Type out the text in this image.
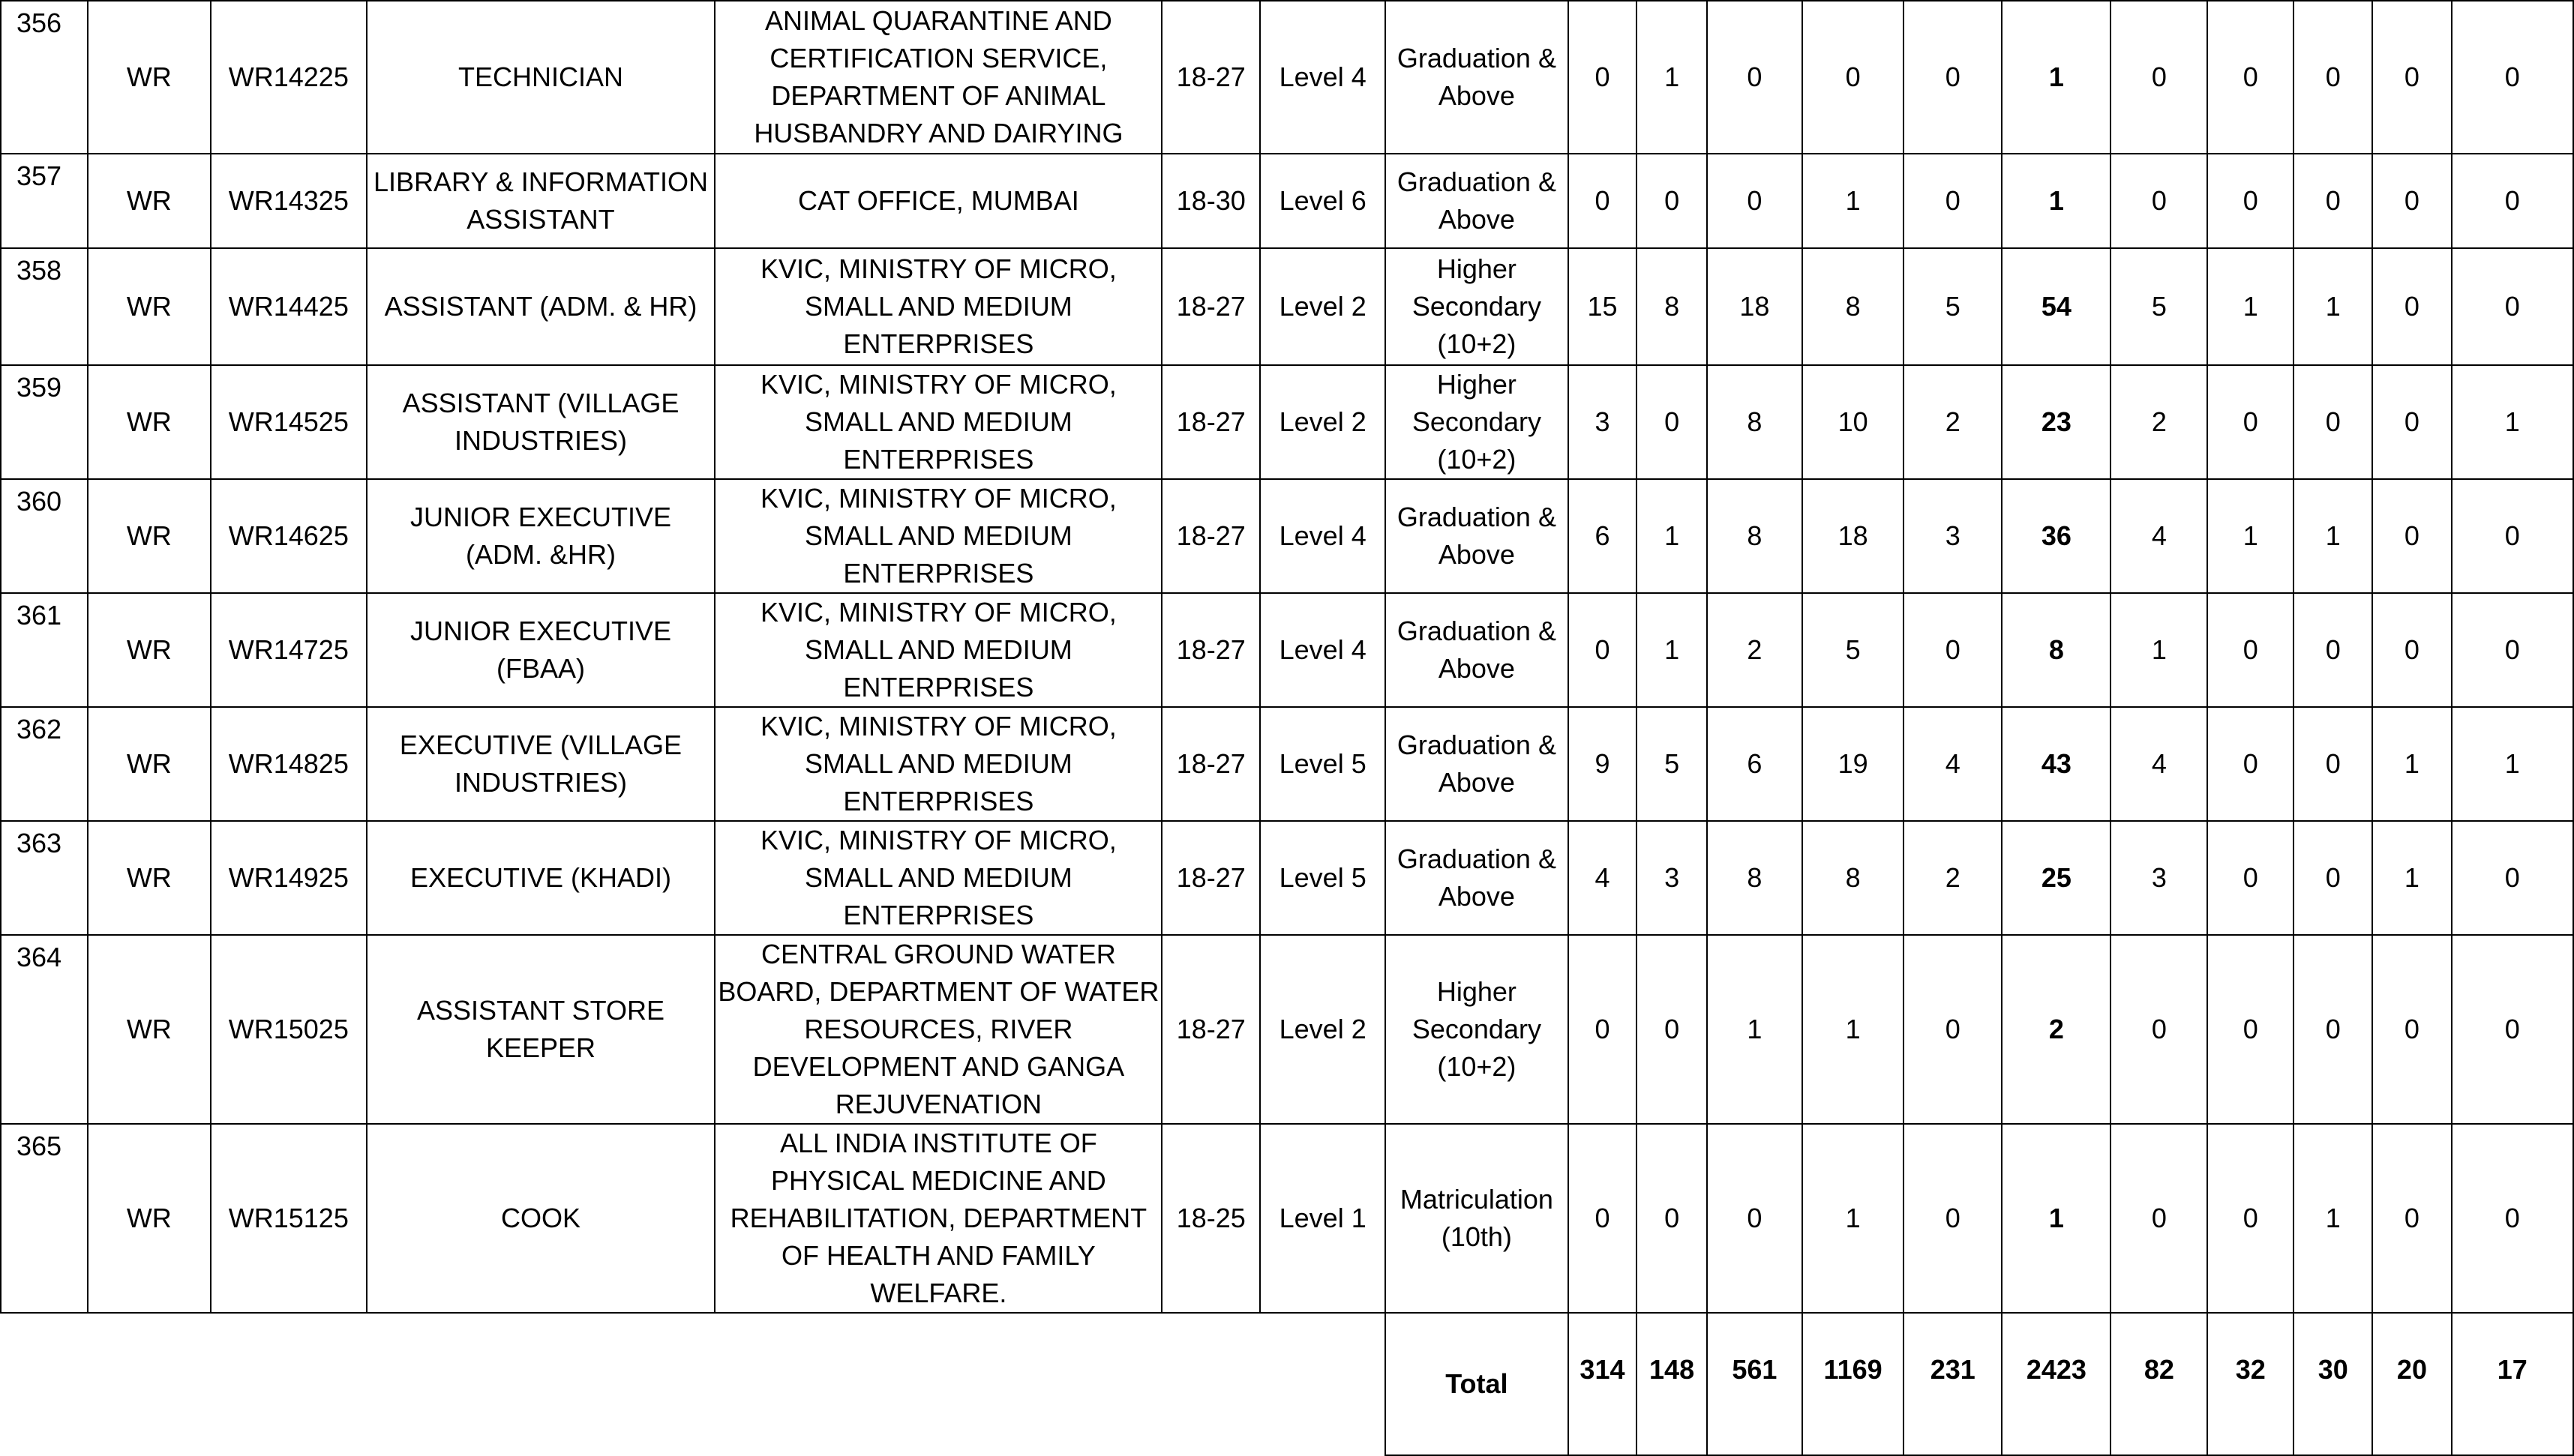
356	WR	WR14225	TECHNICIAN	ANIMAL QUARANTINE AND CERTIFICATION SERVICE, DEPARTMENT OF ANIMAL HUSBANDRY AND DAIRYING	18-27	Level 4	Graduation & Above	0	1	0	0	0	1	0	0	0	0	0
357	WR	WR14325	LIBRARY & INFORMATION ASSISTANT	CAT OFFICE, MUMBAI	18-30	Level 6	Graduation & Above	0	0	0	1	0	1	0	0	0	0	0
358	WR	WR14425	ASSISTANT (ADM. & HR)	KVIC, MINISTRY OF MICRO, SMALL AND MEDIUM ENTERPRISES	18-27	Level 2	Higher Secondary (10+2)	15	8	18	8	5	54	5	1	1	0	0
359	WR	WR14525	ASSISTANT (VILLAGE INDUSTRIES)	KVIC, MINISTRY OF MICRO, SMALL AND MEDIUM ENTERPRISES	18-27	Level 2	Higher Secondary (10+2)	3	0	8	10	2	23	2	0	0	0	1
360	WR	WR14625	JUNIOR EXECUTIVE (ADM. &HR)	KVIC, MINISTRY OF MICRO, SMALL AND MEDIUM ENTERPRISES	18-27	Level 4	Graduation & Above	6	1	8	18	3	36	4	1	1	0	0
361	WR	WR14725	JUNIOR EXECUTIVE (FBAA)	KVIC, MINISTRY OF MICRO, SMALL AND MEDIUM ENTERPRISES	18-27	Level 4	Graduation & Above	0	1	2	5	0	8	1	0	0	0	0
362	WR	WR14825	EXECUTIVE (VILLAGE INDUSTRIES)	KVIC, MINISTRY OF MICRO, SMALL AND MEDIUM ENTERPRISES	18-27	Level 5	Graduation & Above	9	5	6	19	4	43	4	0	0	1	1
363	WR	WR14925	EXECUTIVE (KHADI)	KVIC, MINISTRY OF MICRO, SMALL AND MEDIUM ENTERPRISES	18-27	Level 5	Graduation & Above	4	3	8	8	2	25	3	0	0	1	0
364	WR	WR15025	ASSISTANT STORE KEEPER	CENTRAL GROUND WATER BOARD, DEPARTMENT OF WATER RESOURCES, RIVER DEVELOPMENT AND GANGA REJUVENATION	18-27	Level 2	Higher Secondary (10+2)	0	0	1	1	0	2	0	0	0	0	0
365	WR	WR15125	COOK	ALL INDIA INSTITUTE OF PHYSICAL MEDICINE AND REHABILITATION, DEPARTMENT OF HEALTH AND FAMILY WELFARE.	18-25	Level 1	Matriculation (10th)	0	0	0	1	0	1	0	0	1	0	0
							Total	314	148	561	1169	231	2423	82	32	30	20	17
